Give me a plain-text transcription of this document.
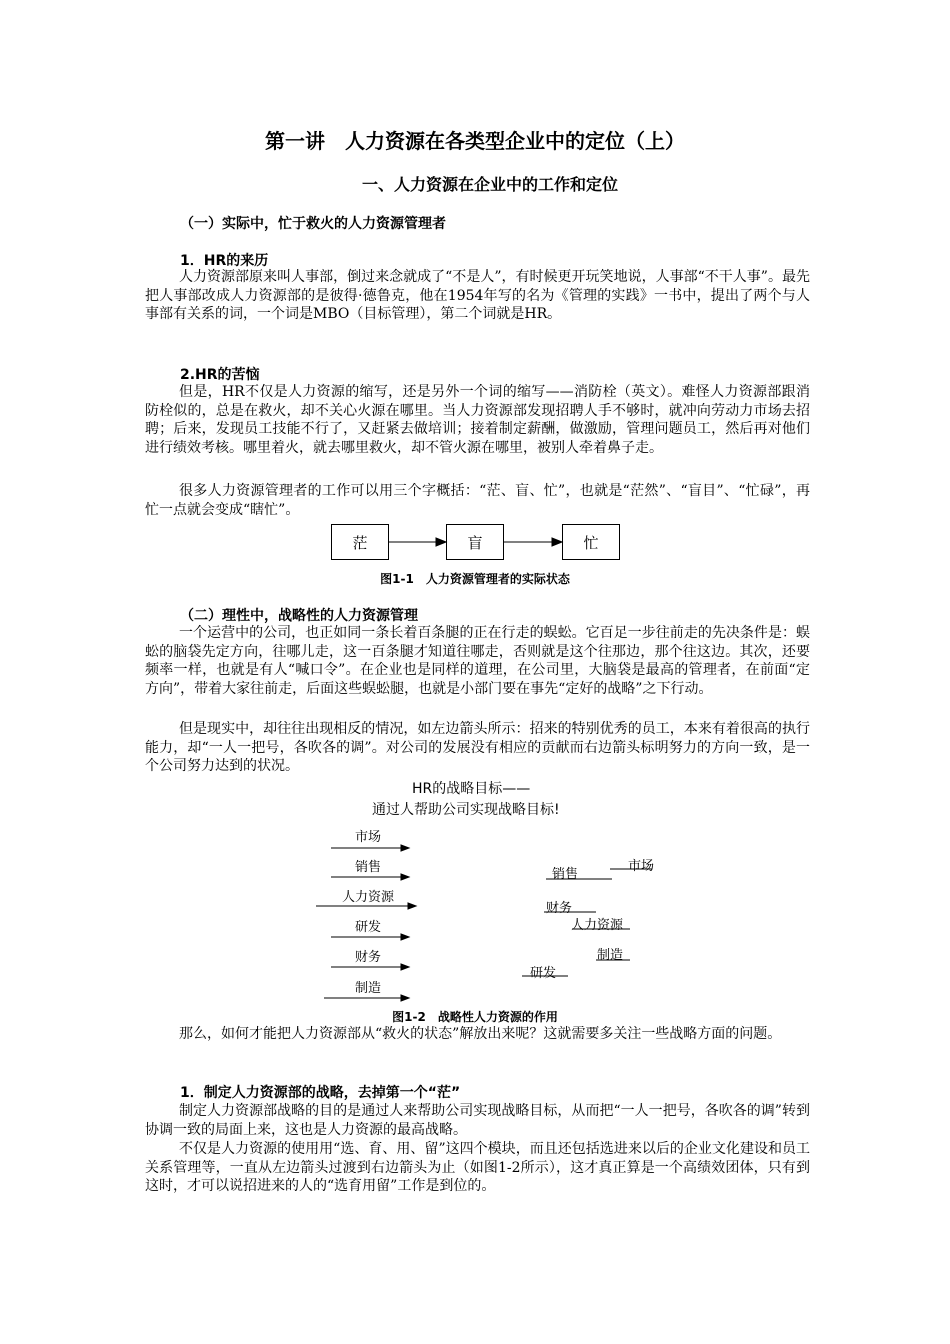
第一讲　人力资源在各类型企业中的定位（上）
一、人力资源在企业中的工作和定位
（一）实际中，忙于救火的人力资源管理者
1．HR的来历

人力资源部原来叫人事部，倒过来念就成了“不是人”，有时候更开玩笑地说，人事部“不干人事”。最先把人事部改成人力资源部的是彼得·德鲁克，他在1954年写的名为《管理的实践》一书中，提出了两个与人事部有关系的词，一个词是MBO（目标管理），第二个词就是HR。

2.HR的苦恼

但是，HR不仅是人力资源的缩写，还是另外一个词的缩写——消防栓（英文）。难怪人力资源部跟消防栓似的，总是在救火，却不关心火源在哪里。当人力资源部发现招聘人手不够时，就冲向劳动力市场去招聘；后来，发现员工技能不行了，又赶紧去做培训；接着制定薪酬，做激励，管理问题员工，然后再对他们进行绩效考核。哪里着火，就去哪里救火，却不管火源在哪里，被别人牵着鼻子走。

很多人力资源管理者的工作可以用三个字概括：“茫、盲、忙”，也就是“茫然”、“盲目”、“忙碌”，再忙一点就会变成“瞎忙”。

茫	盲	忙
图1-1　人力资源管理者的实际状态
（二）理性中，战略性的人力资源管理

一个运营中的公司，也正如同一条长着百条腿的正在行走的蜈蚣。它百足一步往前走的先决条件是：蜈蚣的脑袋先定方向，往哪儿走，这一百条腿才知道往哪走，否则就是这个往那边，那个往这边。其次，还要频率一样，也就是有人“喊口令”。在企业也是同样的道理，在公司里，大脑袋是最高的管理者，在前面“定方向”，带着大家往前走，后面这些蜈蚣腿，也就是小部门要在事先“定好的战略”之下行动。

但是现实中，却往往出现相反的情况，如左边箭头所示：招来的特别优秀的员工，本来有着很高的执行能力，却“一人一把号，各吹各的调”。对公司的发展没有相应的贡献而右边箭头标明努力的方向一致，是一个公司努力达到的状况。

HR的战略目标——
通过人帮助公司实现战略目标!
市场
销售
人力资源
研发
财务
制造
销售
市场
财务
人力资源
制造
研发
图1-2　战略性人力资源的作用

那么，如何才能把人力资源部从“救火的状态”解放出来呢？这就需要多关注一些战略方面的问题。

1．制定人力资源部的战略，去掉第一个“茫”

制定人力资源部战略的目的是通过人来帮助公司实现战略目标，从而把“一人一把号，各吹各的调”转到协调一致的局面上来，这也是人力资源的最高战略。

不仅是人力资源的使用用“选、育、用、留”这四个模块，而且还包括选进来以后的企业文化建设和员工关系管理等，一直从左边箭头过渡到右边箭头为止（如图1-2所示），这才真正算是一个高绩效团体，只有到这时，才可以说招进来的人的“选育用留”工作是到位的。
